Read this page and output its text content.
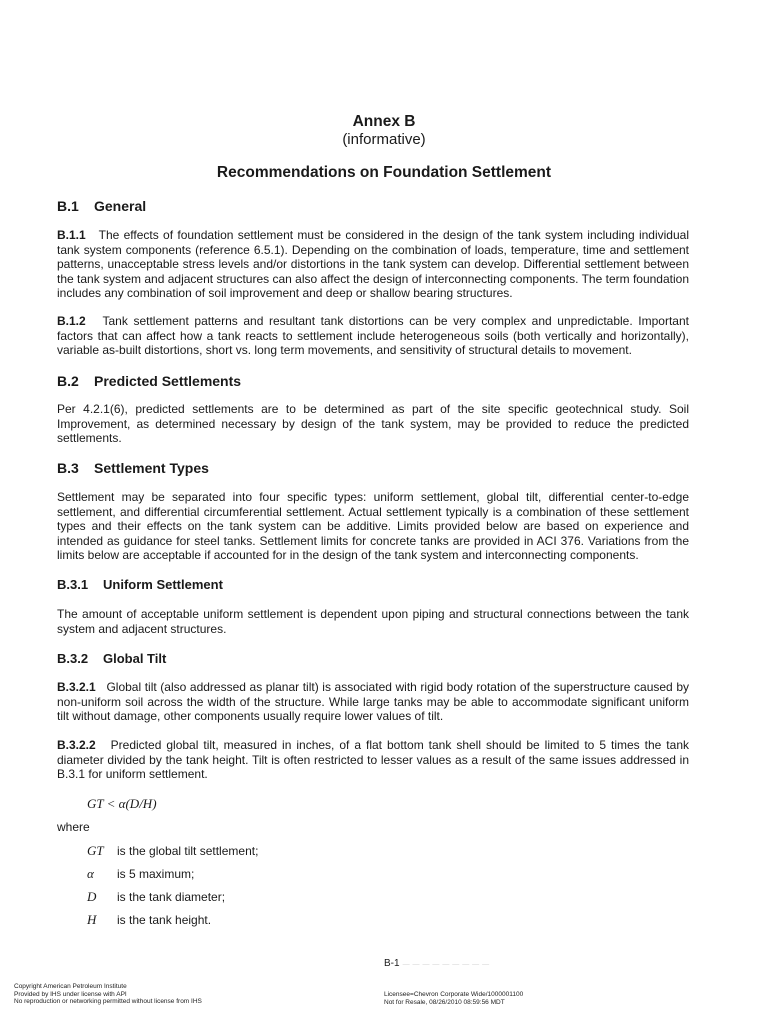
Annex B
(informative)
Recommendations on Foundation Settlement
B.1 General
B.1.1 The effects of foundation settlement must be considered in the design of the tank system including individual tank system components (reference 6.5.1). Depending on the combination of loads, temperature, time and settlement patterns, unacceptable stress levels and/or distortions in the tank system can develop. Differential settlement between the tank system and adjacent structures can also affect the design of interconnecting components. The term foundation includes any combination of soil improvement and deep or shallow bearing structures.
B.1.2 Tank settlement patterns and resultant tank distortions can be very complex and unpredictable. Important factors that can affect how a tank reacts to settlement include heterogeneous soils (both vertically and horizontally), variable as-built distortions, short vs. long term movements, and sensitivity of structural details to movement.
B.2 Predicted Settlements
Per 4.2.1(6), predicted settlements are to be determined as part of the site specific geotechnical study. Soil Improvement, as determined necessary by design of the tank system, may be provided to reduce the predicted settlements.
B.3 Settlement Types
Settlement may be separated into four specific types: uniform settlement, global tilt, differential center-to-edge settlement, and differential circumferential settlement. Actual settlement typically is a combination of these settlement types and their effects on the tank system can be additive. Limits provided below are based on experience and intended as guidance for steel tanks. Settlement limits for concrete tanks are provided in ACI 376. Variations from the limits below are acceptable if accounted for in the design of the tank system and interconnecting components.
B.3.1 Uniform Settlement
The amount of acceptable uniform settlement is dependent upon piping and structural connections between the tank system and adjacent structures.
B.3.2 Global Tilt
B.3.2.1 Global tilt (also addressed as planar tilt) is associated with rigid body rotation of the superstructure caused by non-uniform soil across the width of the structure. While large tanks may be able to accommodate significant uniform tilt without damage, other components usually require lower values of tilt.
B.3.2.2 Predicted global tilt, measured in inches, of a flat bottom tank shell should be limited to 5 times the tank diameter divided by the tank height. Tilt is often restricted to lesser values as a result of the same issues addressed in B.3.1 for uniform settlement.
GT < α(D/H)
where
GT is the global tilt settlement;
α is 5 maximum;
D is the tank diameter;
H is the tank height.
B-1 — — — — — — — — —
Copyright American Petroleum Institute
Provided by IHS under license with API
No reproduction or networking permitted without license from IHS
Licensee=Chevron Corporate Wide/1000001100
Not for Resale, 08/26/2010 08:59:56 MDT
